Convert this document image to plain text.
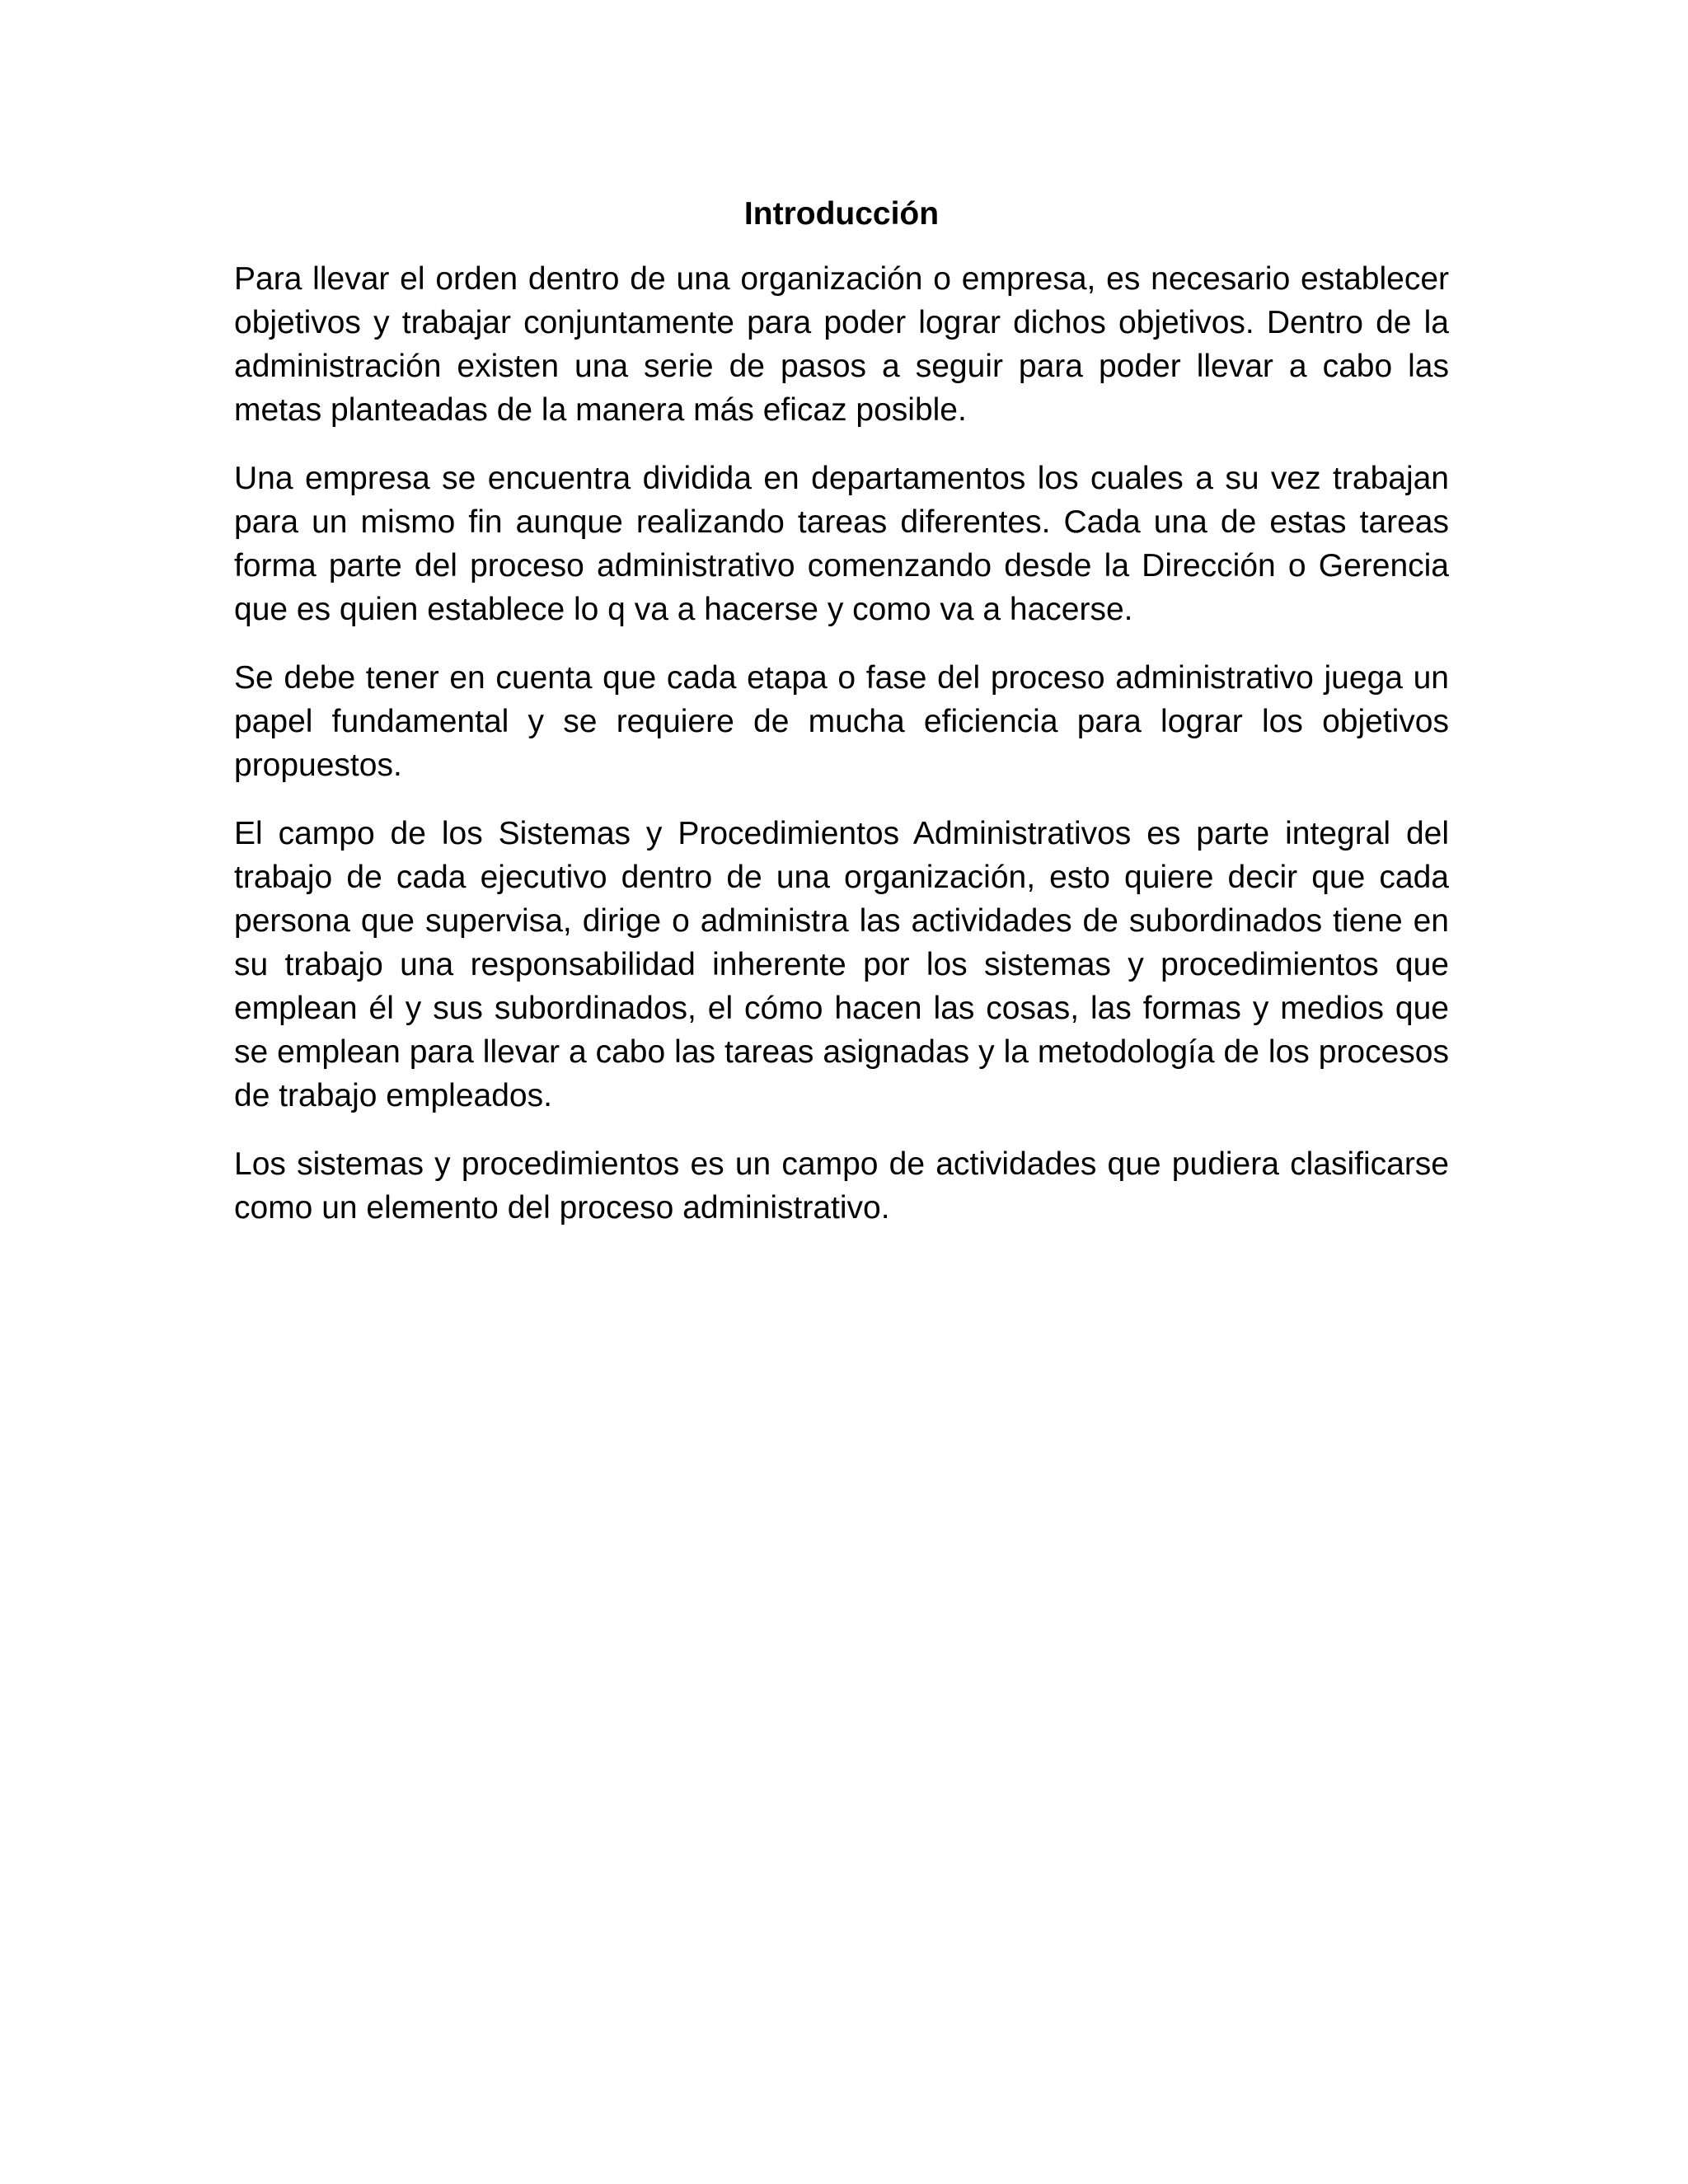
Introducción

Para llevar el orden dentro de una organización o empresa, es necesario establecer objetivos y trabajar conjuntamente para poder lograr dichos objetivos. Dentro de la administración existen una serie de pasos a seguir para poder llevar a cabo las metas planteadas de la manera más eficaz posible.

Una empresa se encuentra dividida en departamentos los cuales a su vez trabajan para un mismo fin aunque realizando tareas diferentes. Cada una de estas tareas forma parte del proceso administrativo comenzando desde la Dirección o Gerencia que es quien establece lo q va a hacerse y como va a hacerse.

Se debe tener en cuenta que cada etapa o fase del proceso administrativo juega un papel fundamental y se requiere de mucha eficiencia para lograr los objetivos propuestos.

El campo de los Sistemas y Procedimientos Administrativos es parte integral del trabajo de cada ejecutivo dentro de una organización, esto quiere decir que cada persona que supervisa, dirige o administra las actividades de subordinados tiene en su trabajo una responsabilidad inherente por los sistemas y procedimientos que emplean él y sus subordinados, el cómo hacen las cosas, las formas y medios que se emplean para llevar a cabo las tareas asignadas y la metodología de los procesos de trabajo empleados.

Los sistemas y procedimientos es un campo de actividades que pudiera clasificarse como un elemento del proceso administrativo.
